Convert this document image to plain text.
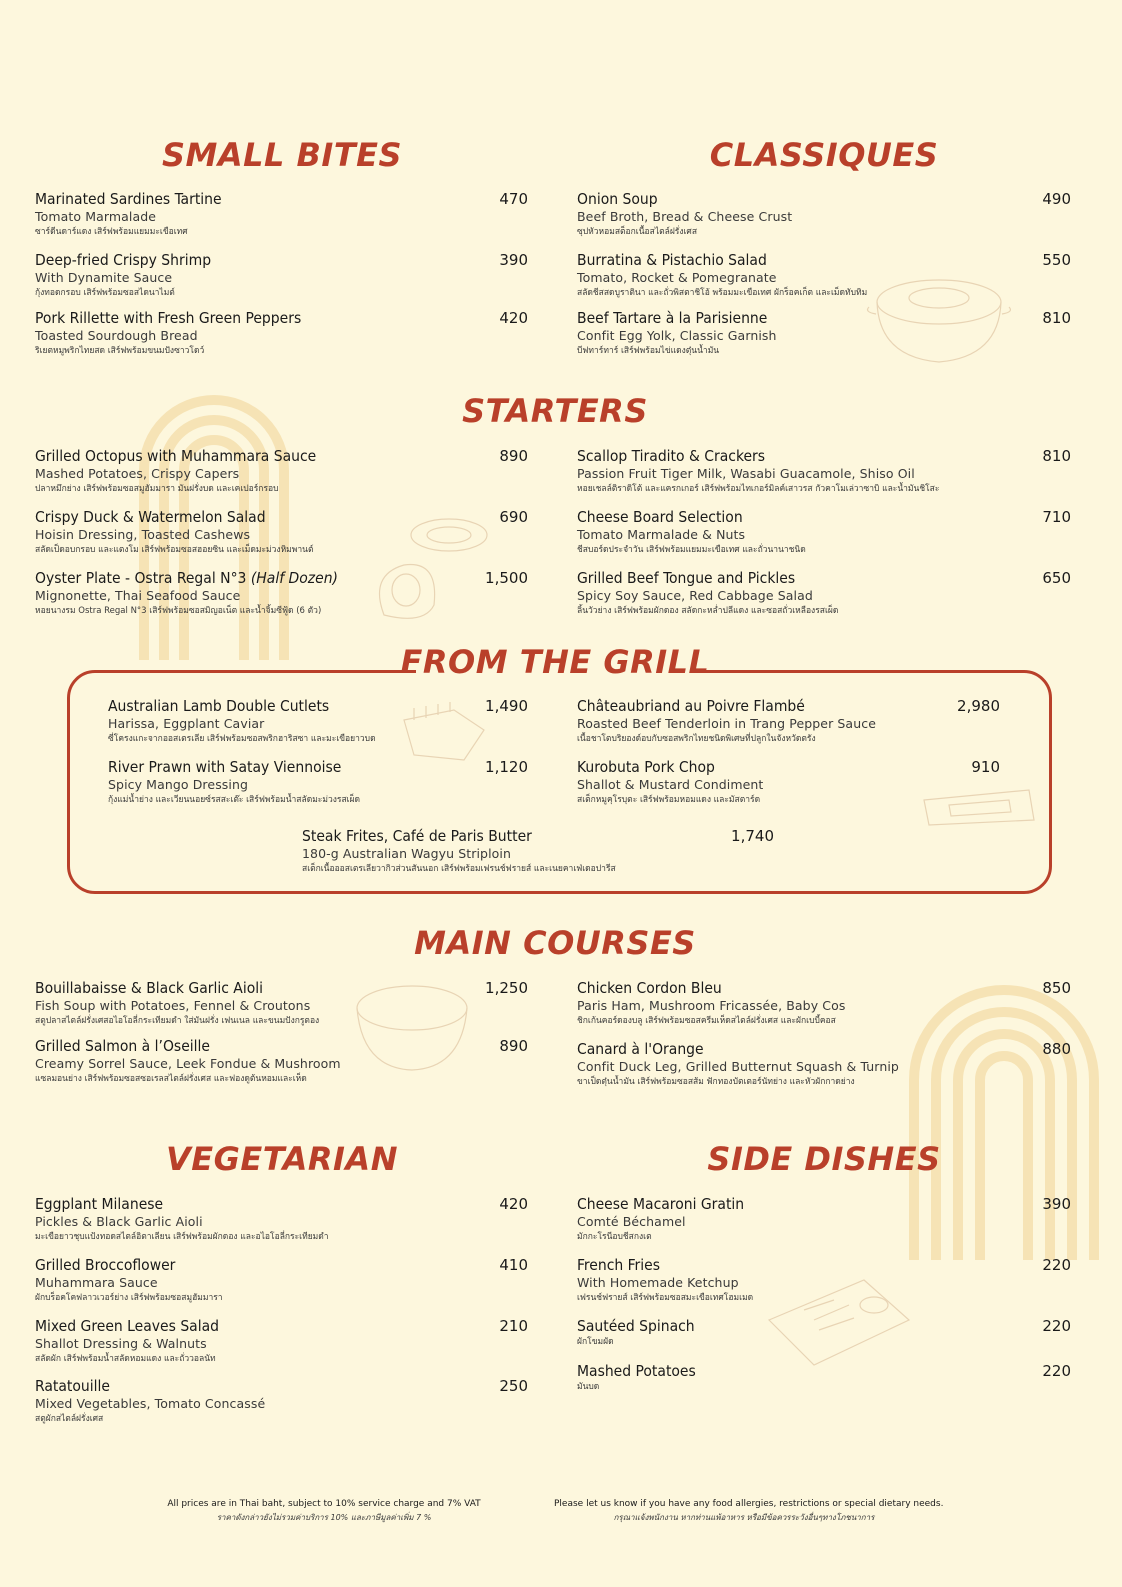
SMALL BITES
Marinated Sardines Tartine
Tomato Marmalade
ซาร์ดีนดาร์แดง เสิร์ฟพร้อมแยมมะเขือเทศ
470
Deep-fried Crispy Shrimp
With Dynamite Sauce
กุ้งทอดกรอบ เสิร์ฟพร้อมซอสไดนาไมต์
390
Pork Rillette with Fresh Green Peppers
Toasted Sourdough Bread
ริเยตหมูพริกไทยสด เสิร์ฟพร้อมขนมปังซาวโดว์
420
CLASSIQUES
Onion Soup
Beef Broth, Bread & Cheese Crust
ซุปหัวหอมสต็อกเนื้อสไตล์ฝรั่งเศส
490
Burratina & Pistachio Salad
Tomato, Rocket & Pomegranate
สลัดชีสสดบูราตินา และถั่วพิสตาชิโอ้ พร้อมมะเขือเทศ ผักร็อคเก็ต และเม็ดทับทิม
550
Beef Tartare à la Parisienne
Confit Egg Yolk, Classic Garnish
บีฟทาร์ทาร์ เสิร์ฟพร้อมไข่แดงตุ๋นน้ำมัน
810
STARTERS
Grilled Octopus with Muhammara Sauce
Mashed Potatoes, Crispy Capers
ปลาหมึกย่าง เสิร์ฟพร้อมซอสมูฮัมมารา มันฝรั่งบด และเคเปอร์กรอบ
890
Crispy Duck & Watermelon Salad
Hoisin Dressing, Toasted Cashews
สลัดเป็ดอบกรอบ และแตงโม เสิร์ฟพร้อมซอสฮอยซิน และเม็ดมะม่วงหิมพานต์
690
Oyster Plate - Ostra Regal N°3 (Half Dozen)
Mignonette, Thai Seafood Sauce
หอยนางรม Ostra Regal N°3 เสิร์ฟพร้อมซอสมิญอเน็ต และน้ำจิ้มซีฟู้ด (6 ตัว)
1,500
Scallop Tiradito & Crackers
Passion Fruit Tiger Milk, Wasabi Guacamole, Shiso Oil
หอยเชลล์ติราดิโต้ และแครกเกอร์ เสิร์ฟพร้อมไทเกอร์มิลค์เสาวรส กัวคาโมเล่วาซาบิ และน้ำมันชิโสะ
810
Cheese Board Selection
Tomato Marmalade & Nuts
ชีสบอร์ดประจำวัน เสิร์ฟพร้อมแยมมะเขือเทศ และถั่วนานาชนิด
710
Grilled Beef Tongue and Pickles
Spicy Soy Sauce, Red Cabbage Salad
ลิ้นวัวย่าง เสิร์ฟพร้อมผักดอง สลัดกะหล่ำปลีแดง และซอสถั่วเหลืองรสเผ็ด
650
FROM THE GRILL
Australian Lamb Double Cutlets
Harissa, Eggplant Caviar
ซี่โครงแกะจากออสเตรเลีย เสิร์ฟพร้อมซอสพริกฮาริสซา และมะเขือยาวบด
1,490
River Prawn with Satay Viennoise
Spicy Mango Dressing
กุ้งแม่น้ำย่าง และเวียนนอยซ์รสสะเต๊ะ เสิร์ฟพร้อมน้ำสลัดมะม่วงรสเผ็ด
1,120
Châteaubriand au Poivre Flambé
Roasted Beef Tenderloin in Trang Pepper Sauce
เนื้อชาโตบริยองด์อบกับซอสพริกไทยชนิดพิเศษที่ปลูกในจังหวัดตรัง
2,980
Kurobuta Pork Chop
Shallot & Mustard Condiment
สเต็กหมูคุโรบุตะ เสิร์ฟพร้อมหอมแดง และมัสตาร์ด
910
Steak Frites, Café de Paris Butter
180-g Australian Wagyu Striploin
สเต็กเนื้อออสเตรเลียวากิวส่วนสันนอก เสิร์ฟพร้อมเฟรนช์ฟรายส์ และเนยคาเฟ่เดอปารีส
1,740
MAIN COURSES
Bouillabaisse & Black Garlic Aioli
Fish Soup with Potatoes, Fennel & Croutons
สตูปลาสไตล์ฝรั่งเศสอไอโอลี่กระเทียมดำ ใส่มันฝรั่ง เฟนเนล และขนมปังกรูตอง
1,250
Grilled Salmon à l’Oseille
Creamy Sorrel Sauce, Leek Fondue & Mushroom
แซลมอนย่าง เสิร์ฟพร้อมซอสซอเรลสไตล์ฝรั่งเศส และฟองดูต้นหอมและเห็ด
890
Chicken Cordon Bleu
Paris Ham, Mushroom Fricassée, Baby Cos
ชิกเก้นคอร์ดองบลู เสิร์ฟพร้อมซอสครีมเห็ดสไตล์ฝรั่งเศส และผักเบบี้คอส
850
Canard à l'Orange
Confit Duck Leg, Grilled Butternut Squash & Turnip
ขาเป็ดตุ๋นน้ำมัน เสิร์ฟพร้อมซอสส้ม ฟักทองบัตเตอร์นัทย่าง และหัวผักกาดย่าง
880
VEGETARIAN
Eggplant Milanese
Pickles & Black Garlic Aioli
มะเขือยาวชุบแป้งทอดสไตล์อิตาเลียน เสิร์ฟพร้อมผักดอง และอไอโอลี่กระเทียมดำ
420
Grilled Broccoflower
Muhammara Sauce
ผักบร็อคโคฟลาวเวอร์ย่าง เสิร์ฟพร้อมซอสมูฮัมมารา
410
Mixed Green Leaves Salad
Shallot Dressing & Walnuts
สลัดผัก เสิร์ฟพร้อมน้ำสลัดหอมแดง และถั่ววอลนัท
210
Ratatouille
Mixed Vegetables, Tomato Concassé
สตูผักสไตล์ฝรั่งเศส
250
SIDE DISHES
Cheese Macaroni Gratin
Comté Béchamel
มักกะโรนีอบชีสกงเต
390
French Fries
With Homemade Ketchup
เฟรนช์ฟรายส์ เสิร์ฟพร้อมซอสมะเขือเทศโฮมเมด
220
Sautéed Spinach
ผักโขมผัด
220
Mashed Potatoes
มันบด
220
All prices are in Thai baht, subject to 10% service charge and 7% VAT
ราคาดังกล่าวยังไม่รวมค่าบริการ 10% และภาษีมูลค่าเพิ่ม 7 %
Please let us know if you have any food allergies, restrictions or special dietary needs.
กรุณาแจ้งพนักงาน หากท่านแพ้อาหาร หรือมีข้อควรระวังอื่นๆทางโภชนาการ
